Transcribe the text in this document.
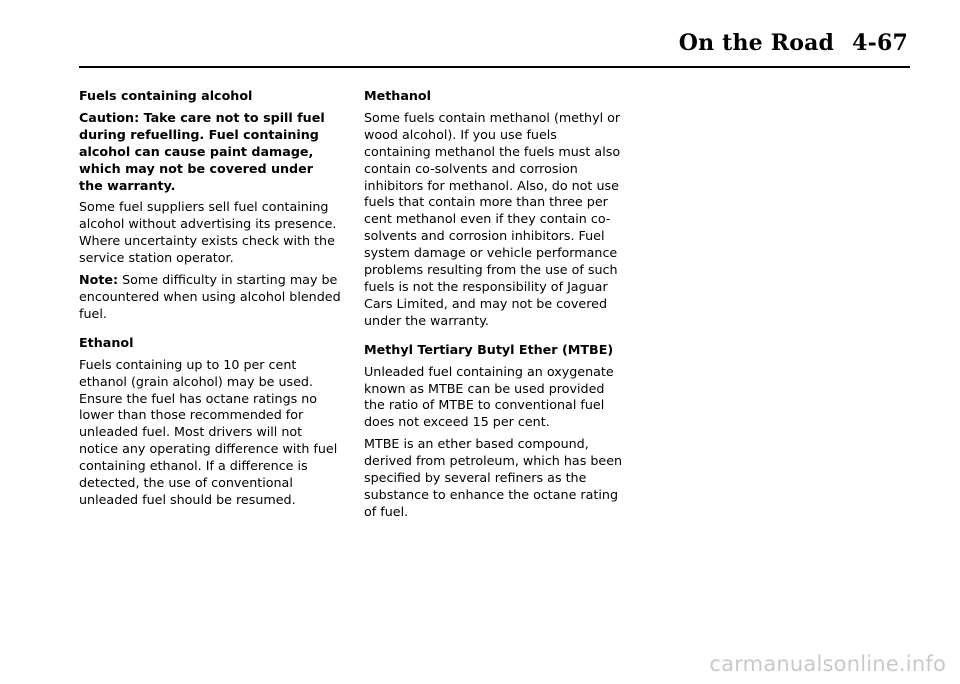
On the Road 4-67
Fuels containing alcohol

Caution: Take care not to spill fuel during refuelling. Fuel containing alcohol can cause paint damage, which may not be covered under the warranty.

Some fuel suppliers sell fuel containing alcohol without advertising its presence. Where uncertainty exists check with the service station operator.

Note: Some difficulty in starting may be encountered when using alcohol blended fuel.

Ethanol

Fuels containing up to 10 per cent ethanol (grain alcohol) may be used. Ensure the fuel has octane ratings no lower than those recommended for unleaded fuel. Most drivers will not notice any operating difference with fuel containing ethanol. If a difference is detected, the use of conventional unleaded fuel should be resumed.

Methanol

Some fuels contain methanol (methyl or wood alcohol). If you use fuels containing methanol the fuels must also contain co-solvents and corrosion inhibitors for methanol. Also, do not use fuels that contain more than three per cent methanol even if they contain co-solvents and corrosion inhibitors. Fuel system damage or vehicle performance problems resulting from the use of such fuels is not the responsibility of Jaguar Cars Limited, and may not be covered under the warranty.

Methyl Tertiary Butyl Ether (MTBE)

Unleaded fuel containing an oxygenate known as MTBE can be used provided the ratio of MTBE to conventional fuel does not exceed 15 per cent.

MTBE is an ether based compound, derived from petroleum, which has been specified by several refiners as the substance to enhance the octane rating of fuel.

carmanualsonline.info
